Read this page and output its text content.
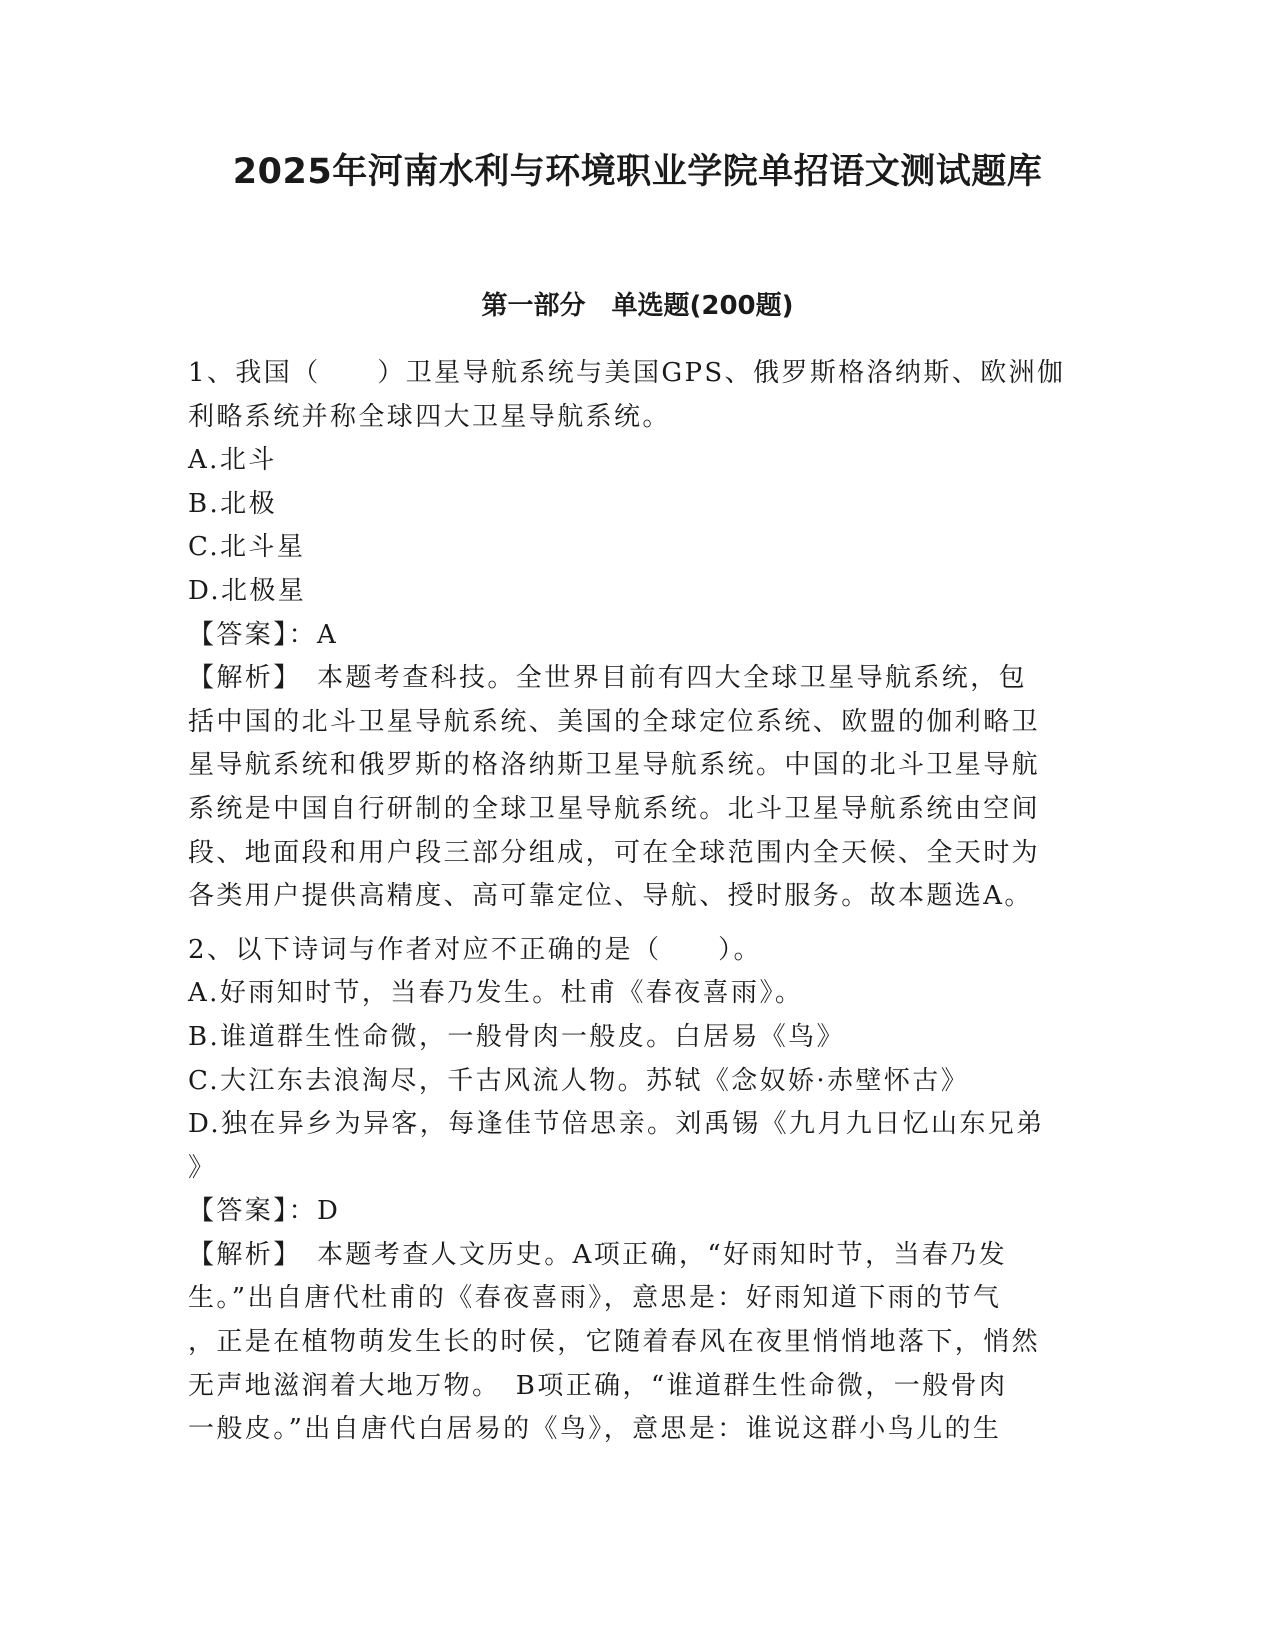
2025年河南水利与环境职业学院单招语文测试题库
第一部分　单选题(200题)
1、我国（　　）卫星导航系统与美国GPS、俄罗斯格洛纳斯、欧洲伽
利略系统并称全球四大卫星导航系统。
A.北斗
B.北极
C.北斗星
D.北极星
【答案】：A
【解析】　本题考查科技。全世界目前有四大全球卫星导航系统，包
括中国的北斗卫星导航系统、美国的全球定位系统、欧盟的伽利略卫
星导航系统和俄罗斯的格洛纳斯卫星导航系统。中国的北斗卫星导航
系统是中国自行研制的全球卫星导航系统。北斗卫星导航系统由空间
段、地面段和用户段三部分组成，可在全球范围内全天候、全天时为
各类用户提供高精度、高可靠定位、导航、授时服务。故本题选A。
2、以下诗词与作者对应不正确的是（　　）。
A.好雨知时节，当春乃发生。杜甫《春夜喜雨》。
B.谁道群生性命微，一般骨肉一般皮。白居易《鸟》
C.大江东去浪淘尽，千古风流人物。苏轼《念奴娇·赤壁怀古》
D.独在异乡为异客，每逢佳节倍思亲。刘禹锡《九月九日忆山东兄弟
》
【答案】：D
【解析】　本题考查人文历史。A项正确，“好雨知时节，当春乃发
生。”出自唐代杜甫的《春夜喜雨》，意思是：好雨知道下雨的节气
，正是在植物萌发生长的时侯，它随着春风在夜里悄悄地落下，悄然
无声地滋润着大地万物。　B项正确，“谁道群生性命微，一般骨肉
一般皮。”出自唐代白居易的《鸟》，意思是：谁说这群小鸟儿的生
